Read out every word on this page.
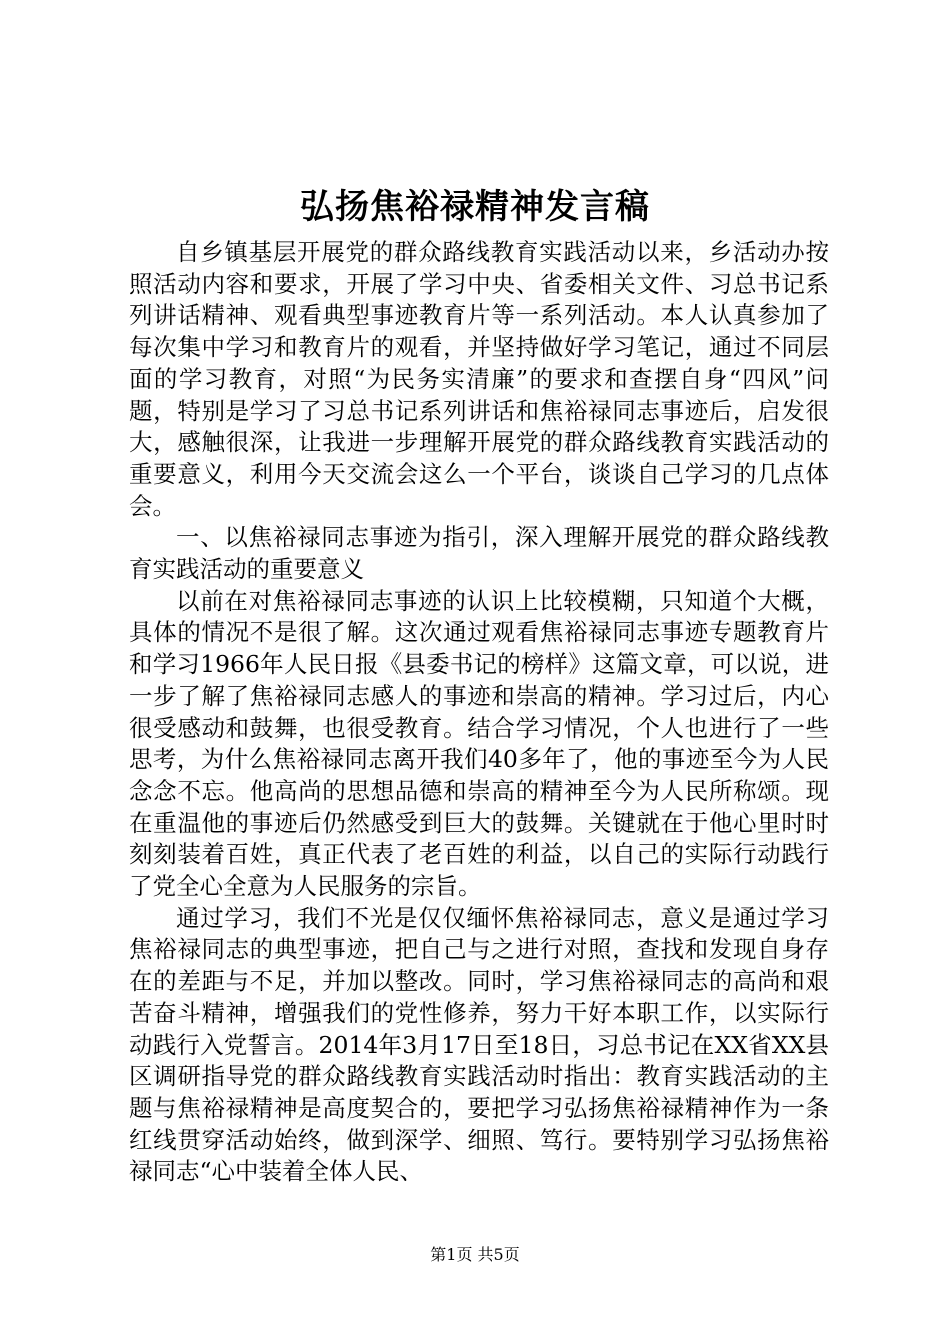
弘扬焦裕禄精神发言稿

自乡镇基层开展党的群众路线教育实践活动以来，乡活动办按照活动内容和要求，开展了学习中央、省委相关文件、习总书记系列讲话精神、观看典型事迹教育片等一系列活动。本人认真参加了每次集中学习和教育片的观看，并坚持做好学习笔记，通过不同层面的学习教育，对照“为民务实清廉”的要求和查摆自身“四风”问题，特别是学习了习总书记系列讲话和焦裕禄同志事迹后，启发很大，感触很深，让我进一步理解开展党的群众路线教育实践活动的重要意义，利用今天交流会这么一个平台，谈谈自己学习的几点体会。

一、以焦裕禄同志事迹为指引，深入理解开展党的群众路线教育实践活动的重要意义

以前在对焦裕禄同志事迹的认识上比较模糊，只知道个大概，具体的情况不是很了解。这次通过观看焦裕禄同志事迹专题教育片和学习1966年人民日报《县委书记的榜样》这篇文章，可以说，进一步了解了焦裕禄同志感人的事迹和崇高的精神。学习过后，内心很受感动和鼓舞，也很受教育。结合学习情况，个人也进行了一些思考，为什么焦裕禄同志离开我们40多年了，他的事迹至今为人民念念不忘。他高尚的思想品德和崇高的精神至今为人民所称颂。现在重温他的事迹后仍然感受到巨大的鼓舞。关键就在于他心里时时刻刻装着百姓，真正代表了老百姓的利益，以自己的实际行动践行了党全心全意为人民服务的宗旨。

通过学习，我们不光是仅仅缅怀焦裕禄同志，意义是通过学习焦裕禄同志的典型事迹，把自己与之进行对照，查找和发现自身存在的差距与不足，并加以整改。同时，学习焦裕禄同志的高尚和艰苦奋斗精神，增强我们的党性修养，努力干好本职工作，以实际行动践行入党誓言。2014年3月17日至18日，习总书记在XX省XX县区调研指导党的群众路线教育实践活动时指出：教育实践活动的主题与焦裕禄精神是高度契合的，要把学习弘扬焦裕禄精神作为一条红线贯穿活动始终，做到深学、细照、笃行。要特别学习弘扬焦裕禄同志“心中装着全体人民、

第1页 共5页
